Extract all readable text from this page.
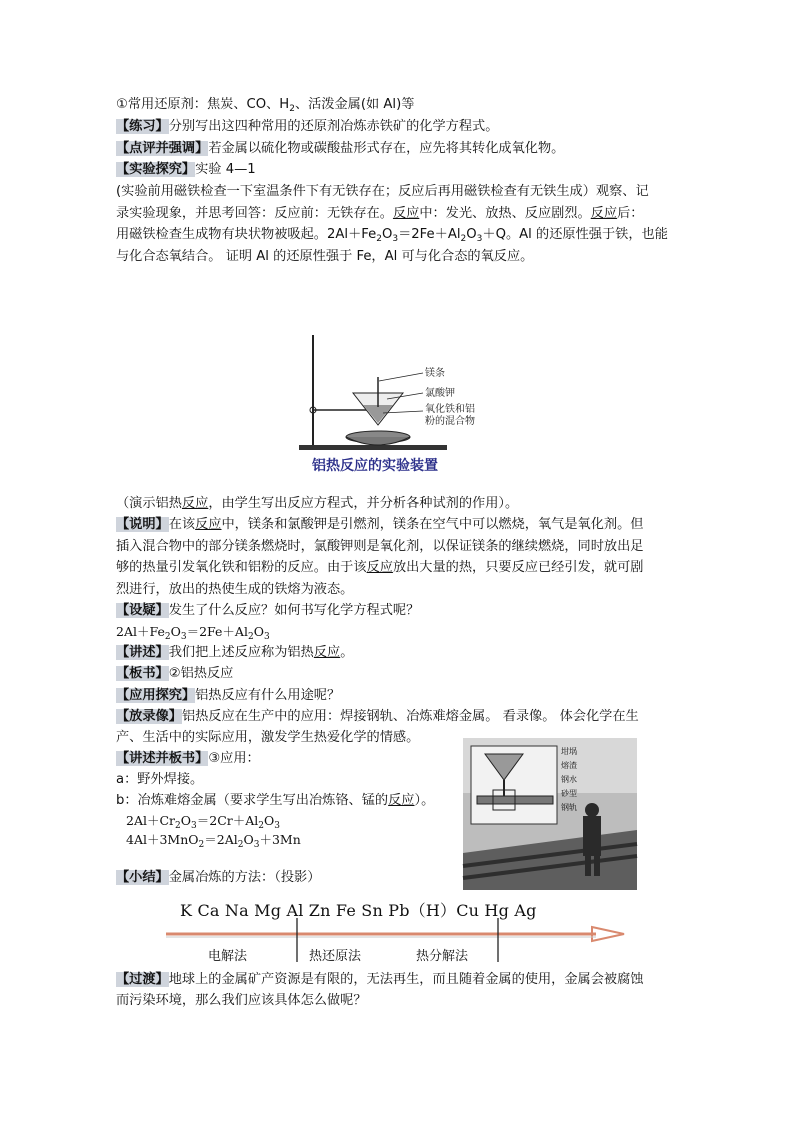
①常用还原剂：焦炭、CO、$H_2$、活泼金属(如 Al)等
【练习】分别写出这四种常用的还原剂冶炼赤铁矿的化学方程式。
【点评并强调】若金属以硫化物或碳酸盐形式存在，应先将其转化成氧化物。
【实验探究】实验 4—1
(实验前用磁铁检查一下室温条件下有无铁存在；反应后再用磁铁检查有无铁生成）观察、记
录实验现象，并思考回答：反应前：无铁存在。反应中：发光、放热、反应剧烈。反应后：
用磁铁检查生成物有块状物被吸起。$2Al+Fe_2O_3=2Fe+Al_2O_3+Q$。Al 的还原性强于铁，也能
与化合态氧结合。 证明 Al 的还原性强于 Fe，Al 可与化合态的氧反应。
镁条
氯酸钾
氧化铁和铝
粉的混合物
铝热反应的实验装置
（演示铝热反应，由学生写出反应方程式，并分析各种试剂的作用）。
【说明】在该反应中，镁条和氯酸钾是引燃剂，镁条在空气中可以燃烧，氧气是氧化剂。但
插入混合物中的部分镁条燃烧时，氯酸钾则是氧化剂，以保证镁条的继续燃烧，同时放出足
够的热量引发氧化铁和铝粉的反应。由于该反应放出大量的热，只要反应已经引发，就可剧
烈进行，放出的热使生成的铁熔为液态。
【设疑】发生了什么反应？如何书写化学方程式呢？
$2Al+Fe_2O_3=2Fe+Al_2O_3$
【讲述】我们把上述反应称为铝热反应。
【板书】②铝热反应
【应用探究】铝热反应有什么用途呢？
【放录像】铝热反应在生产中的应用：焊接钢轨、冶炼难熔金属。 看录像。 体会化学在生
产、生活中的实际应用，激发学生热爱化学的情感。
【讲述并板书】③应用：
a：野外焊接。
b：冶炼难熔金属（要求学生写出冶炼铬、锰的反应）。
$2Al+Cr_2O_3=2Cr+Al_2O_3$
$4Al+3MnO_2=2Al_2O_3+3Mn$
坩埚
熔渣
钢水
砂型
钢轨
【小结】金属冶炼的方法：（投影）
K Ca Na Mg Al Zn Fe Sn Pb（H）Cu Hg Ag
电解法	热还原法	热分解法
【过渡】地球上的金属矿产资源是有限的，无法再生，而且随着金属的使用，金属会被腐蚀
而污染环境，那么我们应该具体怎么做呢？
